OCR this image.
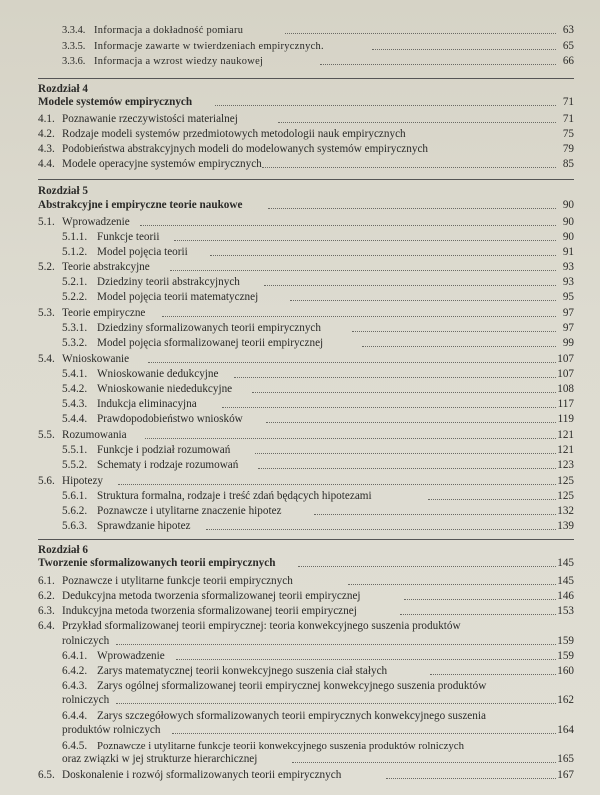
3.3.4. Informacja a dokładność pomiaru	63
3.3.5. Informacje zawarte w twierdzeniach empirycznych.	65
3.3.6. Informacja a wzrost wiedzy naukowej	66
Rozdział 4
Modele systemów empirycznych	71
4.1. Poznawanie rzeczywistości materialnej	71
4.2. Rodzaje modeli systemów przedmiotowych metodologii nauk empirycznych	75
4.3. Podobieństwa abstrakcyjnych modeli do modelowanych systemów empirycznych	79
4.4. Modele operacyjne systemów empirycznych	85
Rozdział 5
Abstrakcyjne i empiryczne teorie naukowe	90
5.1. Wprowadzenie	90
5.1.1. Funkcje teorii	90
5.1.2. Model pojęcia teorii	91
5.2. Teorie abstrakcyjne	93
5.2.1. Dziedziny teorii abstrakcyjnych	93
5.2.2. Model pojęcia teorii matematycznej	95
5.3. Teorie empiryczne	97
5.3.1. Dziedziny sformalizowanych teorii empirycznych	97
5.3.2. Model pojęcia sformalizowanej teorii empirycznej	99
5.4. Wnioskowanie	107
5.4.1. Wnioskowanie dedukcyjne	107
5.4.2. Wnioskowanie niededukcyjne	108
5.4.3. Indukcja eliminacyjna	117
5.4.4. Prawdopodobieństwo wniosków	119
5.5. Rozumowania	121
5.5.1. Funkcje i podział rozumowań	121
5.5.2. Schematy i rodzaje rozumowań	123
5.6. Hipotezy	125
5.6.1. Struktura formalna, rodzaje i treść zdań będących hipotezami	125
5.6.2. Poznawcze i utylitarne znaczenie hipotez	132
5.6.3. Sprawdzanie hipotez	139
Rozdział 6
Tworzenie sformalizowanych teorii empirycznych	145
6.1. Poznawcze i utylitarne funkcje teorii empirycznych	145
6.2. Dedukcyjna metoda tworzenia sformalizowanej teorii empirycznej	146
6.3. Indukcyjna metoda tworzenia sformalizowanej teorii empirycznej	153
6.4. Przykład sformalizowanej teorii empirycznej: teoria konwekcyjnego suszenia produktów
rolniczych	159
6.4.1. Wprowadzenie	159
6.4.2. Zarys matematycznej teorii konwekcyjnego suszenia ciał stałych	160
6.4.3. Zarys ogólnej sformalizowanej teorii empirycznej konwekcyjnego suszenia produktów
rolniczych	162
6.4.4. Zarys szczegółowych sformalizowanych teorii empirycznych konwekcyjnego suszenia
produktów rolniczych	164
6.4.5. Poznawcze i utylitarne funkcje teorii konwekcyjnego suszenia produktów rolniczych
oraz związki w jej strukturze hierarchicznej	165
6.5. Doskonalenie i rozwój sformalizowanych teorii empirycznych	167
